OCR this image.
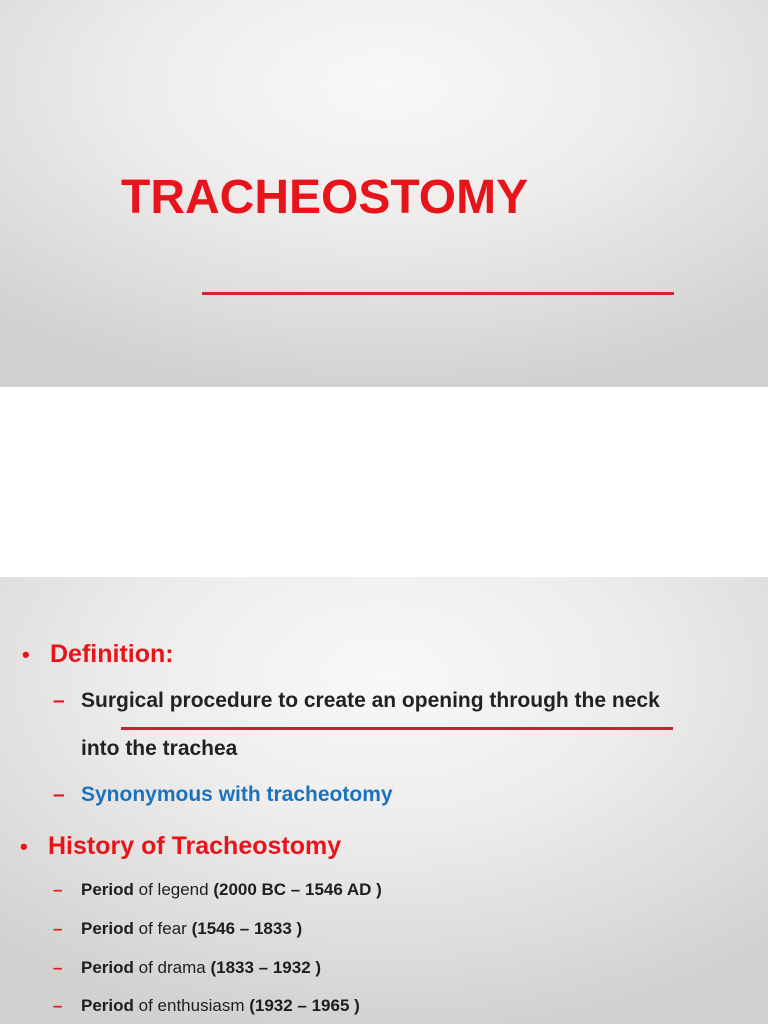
TRACHEOSTOMY
• Definition:
– Surgical procedure to create an opening through the neck
into the trachea
– Synonymous with tracheotomy
• History of Tracheostomy
– Period of legend (2000 BC – 1546 AD )
– Period of fear (1546 – 1833 )
– Period of drama (1833 – 1932 )
– Period of enthusiasm (1932 – 1965 )
